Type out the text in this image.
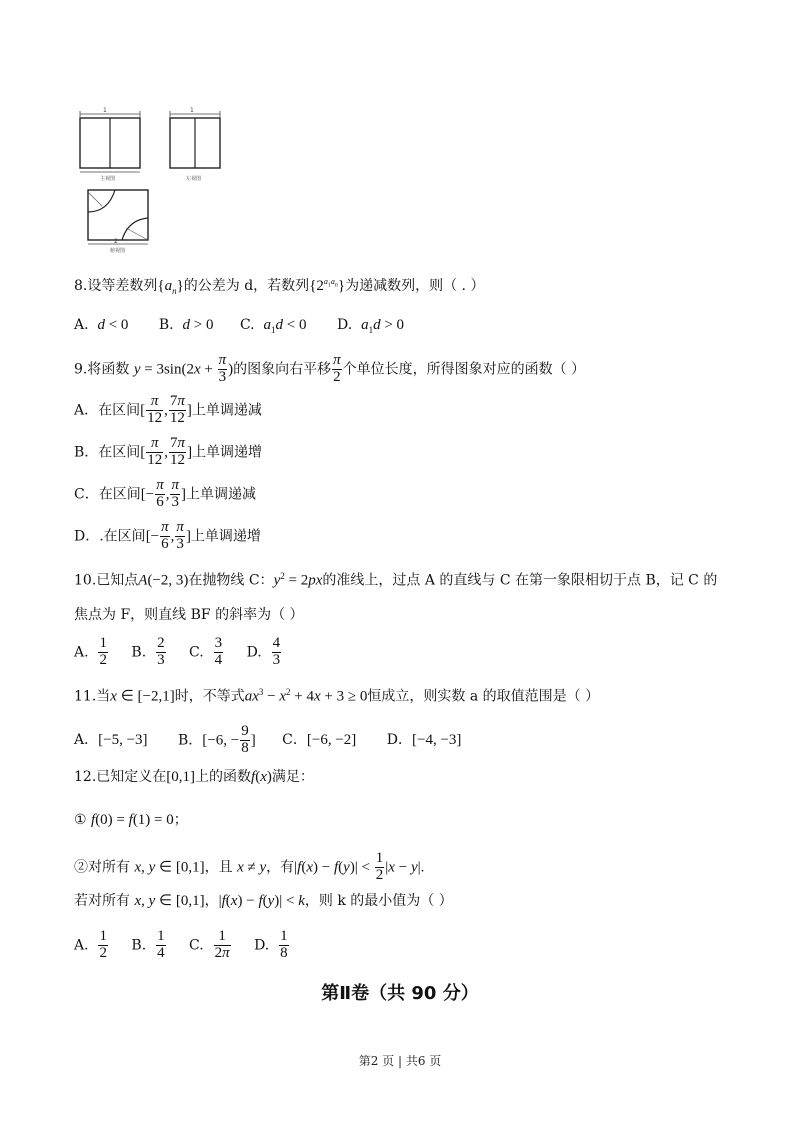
1
主视图
1
左视图
2
俯视图
8.设等差数列$\{a_n\}$的公差为 d，若数列$\{2^{a_1a_n}\}$为递减数列，则（ . ）
A. d < 0 B. d > 0 C. $a_1d < 0$ D. $a_1d > 0$
9.将函数 $y = 3\sin(2x + \frac{\pi}{3}$ )的图象向右平移 $\frac{\pi}{2}$ 个单位长度，所得图象对应的函数（ ）
A．在区间[ $\frac{\pi}{12}$ , $\frac{7\pi}{12}$ ]上单调递减
B．在区间[ $\frac{\pi}{12}$ , $\frac{7\pi}{12}$ ]上单调递增
C．在区间[− $\frac{\pi}{6}$ , $\frac{\pi}{3}$ ]上单调递减
D．.在区间[− $\frac{\pi}{6}$ , $\frac{\pi}{3}$ ]上单调递增
10.已知点A(−2, 3)在抛物线 C：$y^2 = 2px$的准线上，过点 A 的直线与 C 在第一象限相切于点 B，记 C 的
焦点为 F，则直线 BF 的斜率为（ ）
A. $\frac{1}{2} B$. $\frac{2}{3} C$. $\frac{3}{4} D$. $\frac{4}{3}$
11.当x ∈ [−2,1]时，不等式$ax^3 - x^2 + 4x + 3 \ge 0$恒成立，则实数 a 的取值范围是（ ）
A．[−5, −3] B．[−6, − $\frac{9}{8}$ ] C．[−6, −2] D．[−4, −3]
12.已知定义在[0,1]上的函数f(x)满足：
① f(0) = f(1) = 0；
②对所有 x, y ∈ [0,1]，且 x ≠ y，有$|f(x) - f(y)| < \frac{1}{2} |x - y|$.
若对所有 x, y ∈ [0,1]，|f(x) − f(y)| < k，则 k 的最小值为（ ）
A. $\frac{1}{2} B$. $\frac{1}{4} C$. $\frac{1}{2\pi} D$. $\frac{1}{8}$
第Ⅱ卷（共 90 分）
第2 页 | 共6 页
